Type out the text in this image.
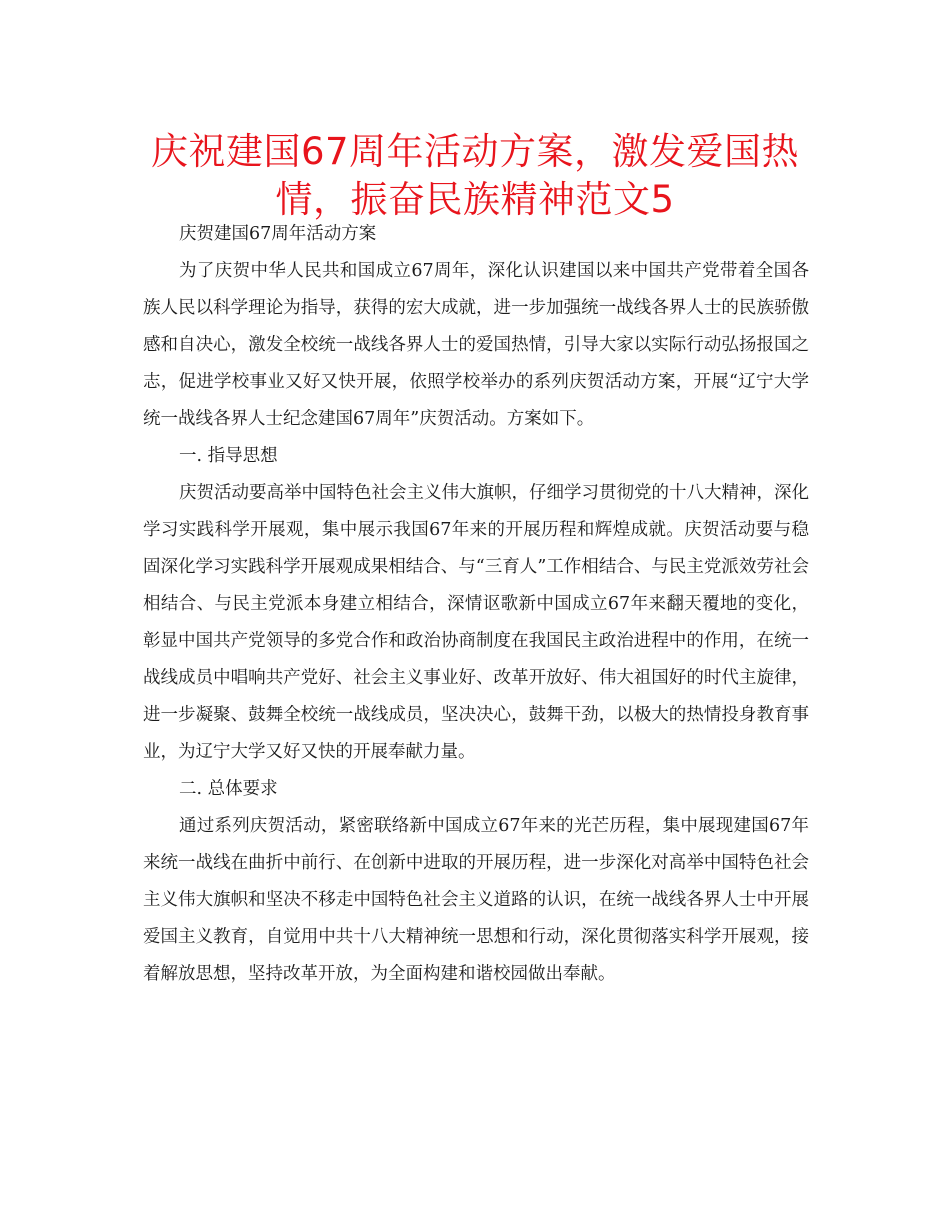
庆祝建国67周年活动方案，激发爱国热情，振奋民族精神范文5

庆贺建国67周年活动方案

为了庆贺中华人民共和国成立67周年，深化认识建国以来中国共产党带着全国各族人民以科学理论为指导，获得的宏大成就，进一步加强统一战线各界人士的民族骄傲感和自决心，激发全校统一战线各界人士的爱国热情，引导大家以实际行动弘扬报国之志，促进学校事业又好又快开展，依照学校举办的系列庆贺活动方案，开展“辽宁大学统一战线各界人士纪念建国67周年”庆贺活动。方案如下。

一. 指导思想

庆贺活动要高举中国特色社会主义伟大旗帜，仔细学习贯彻党的十八大精神，深化学习实践科学开展观，集中展示我国67年来的开展历程和辉煌成就。庆贺活动要与稳固深化学习实践科学开展观成果相结合、与“三育人”工作相结合、与民主党派效劳社会相结合、与民主党派本身建立相结合，深情讴歌新中国成立67年来翻天覆地的变化，彰显中国共产党领导的多党合作和政治协商制度在我国民主政治进程中的作用，在统一战线成员中唱响共产党好、社会主义事业好、改革开放好、伟大祖国好的时代主旋律，进一步凝聚、鼓舞全校统一战线成员，坚决决心，鼓舞干劲，以极大的热情投身教育事业，为辽宁大学又好又快的开展奉献力量。

二. 总体要求

通过系列庆贺活动，紧密联络新中国成立67年来的光芒历程，集中展现建国67年来统一战线在曲折中前行、在创新中进取的开展历程，进一步深化对高举中国特色社会主义伟大旗帜和坚决不移走中国特色社会主义道路的认识，在统一战线各界人士中开展爱国主义教育，自觉用中共十八大精神统一思想和行动，深化贯彻落实科学开展观，接着解放思想，坚持改革开放，为全面构建和谐校园做出奉献。
